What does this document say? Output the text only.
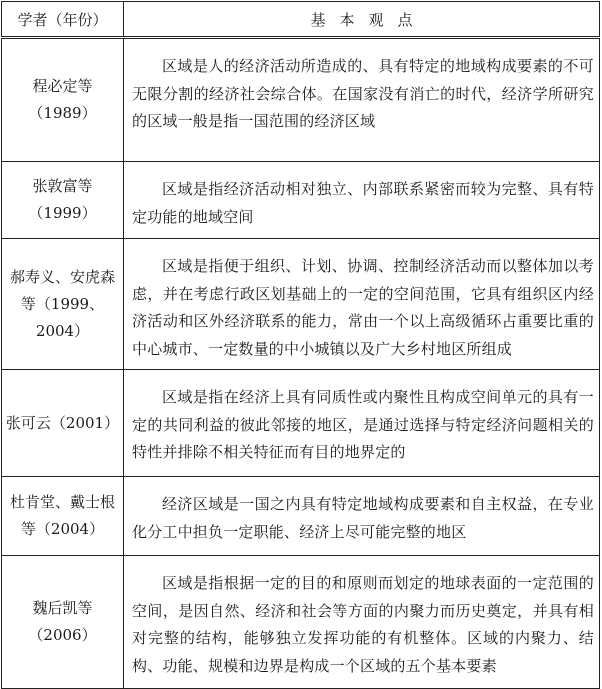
学者（年份）	基本观点
程必定等（1989）	区域是人的经济活动所造成的、具有特定的地域构成要素的不可无限分割的经济社会综合体。在国家没有消亡的时代，经济学所研究的区域一般是指一国范围的经济区域
张敦富等（1999）	区域是指经济活动相对独立、内部联系紧密而较为完整、具有特定功能的地域空间
郝寿义、安虎森等（1999、2004）	区域是指便于组织、计划、协调、控制经济活动而以整体加以考虑，并在考虑行政区划基础上的一定的空间范围，它具有组织区内经济活动和区外经济联系的能力，常由一个以上高级循环占重要比重的中心城市、一定数量的中小城镇以及广大乡村地区所组成
张可云（2001）	区域是指在经济上具有同质性或内聚性且构成空间单元的具有一定的共同利益的彼此邻接的地区，是通过选择与特定经济问题相关的特性并排除不相关特征而有目的地界定的
杜肯堂、戴士根等（2004）	经济区域是一国之内具有特定地域构成要素和自主权益，在专业化分工中担负一定职能、经济上尽可能完整的地区
魏后凯等（2006）	区域是指根据一定的目的和原则而划定的地球表面的一定范围的空间，是因自然、经济和社会等方面的内聚力而历史奠定，并具有相对完整的结构，能够独立发挥功能的有机整体。区域的内聚力、结构、功能、规模和边界是构成一个区域的五个基本要素
